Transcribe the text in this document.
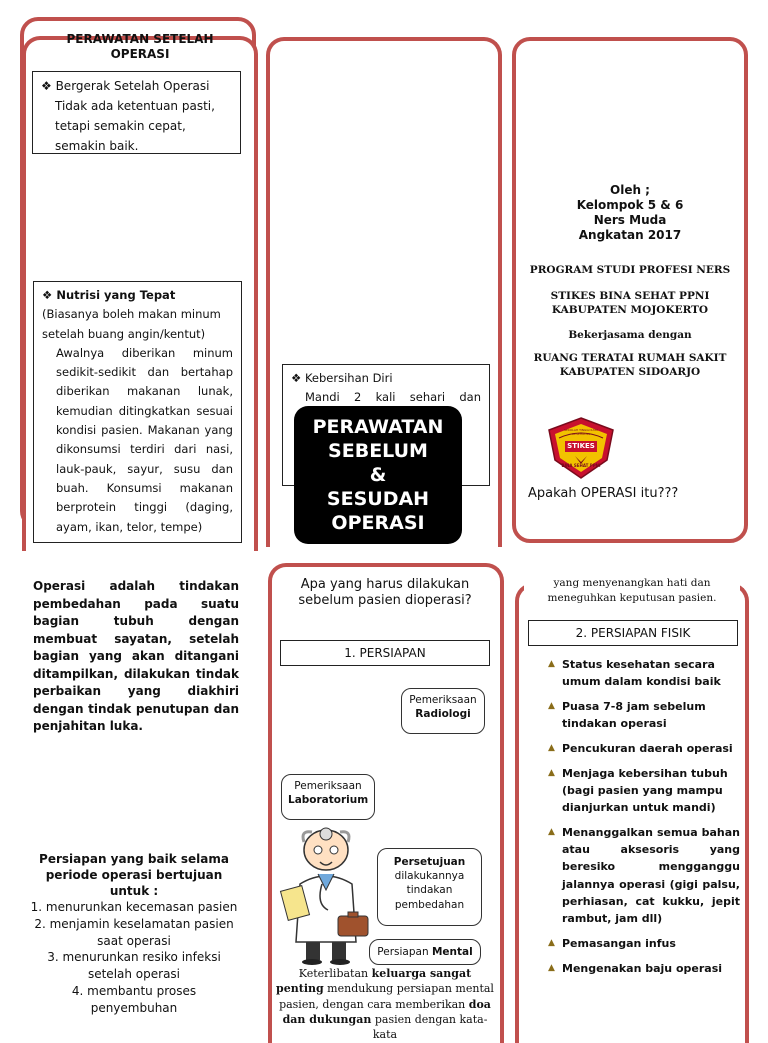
PERAWATAN SETELAH OPERASI
❖ Bergerak Setelah Operasi
Tidak ada ketentuan pasti, tetapi semakin cepat, semakin baik.
❖ Nutrisi yang Tepat (Biasanya boleh makan minum setelah buang angin/kentut)
Awalnya diberikan minum sedikit-sedikit dan bertahap diberikan makanan lunak, kemudian ditingkatkan sesuai kondisi pasien. Makanan yang dikonsumsi terdiri dari nasi, lauk-pauk, sayur, susu dan buah. Konsumsi makanan berprotein tinggi (daging, ayam, ikan, telor, tempe)
❖ Kebersihan Diri
Mandi 2 kali sehari dan
PERAWATAN
SEBELUM
&
SESUDAH
OPERASI
Oleh ;
Kelompok 5 & 6
Ners Muda
Angkatan 2017
PROGRAM STUDI PROFESI NERS
STIKES BINA SEHAT PPNI KABUPATEN MOJOKERTO
Bekerjasama dengan
RUANG TERATAI RUMAH SAKIT KABUPATEN SIDOARJO
SEKOLAH TINGGI ILMU KESEHATAN
STIKES
BINA SEHAT PPNI
Apakah OPERASI itu???
Operasi adalah tindakan pembedahan pada suatu bagian tubuh dengan membuat sayatan, setelah bagian yang akan ditangani ditampilkan, dilakukan tindak perbaikan yang diakhiri dengan tindak penutupan dan penjahitan luka.
Persiapan yang baik selama periode operasi bertujuan untuk :
1. menurunkan kecemasan pasien
2. menjamin keselamatan pasien saat operasi
3. menurunkan resiko infeksi setelah operasi
4. membantu proses penyembuhan
Apa yang harus dilakukan sebelum pasien dioperasi?
1. PERSIAPAN
Pemeriksaan
Radiologi
Pemeriksaan
Laboratorium
Persetujuan
dilakukannya tindakan pembedahan
Persiapan Mental
Keterlibatan keluarga sangat penting mendukung persiapan mental pasien, dengan cara memberikan doa dan dukungan pasien dengan kata-kata
yang menyenangkan hati dan meneguhkan keputusan pasien.
2. PERSIAPAN FISIK
▲ Status kesehatan secara umum dalam kondisi baik
▲ Puasa 7-8 jam sebelum tindakan operasi
▲ Pencukuran daerah operasi
▲ Menjaga kebersihan tubuh (bagi pasien yang mampu dianjurkan untuk mandi)
▲ Menanggalkan semua bahan atau aksesoris yang beresiko mengganggu jalannya operasi (gigi palsu, perhiasan, cat kukku, jepit rambut, jam dll)
▲ Pemasangan infus
▲ Mengenakan baju operasi
